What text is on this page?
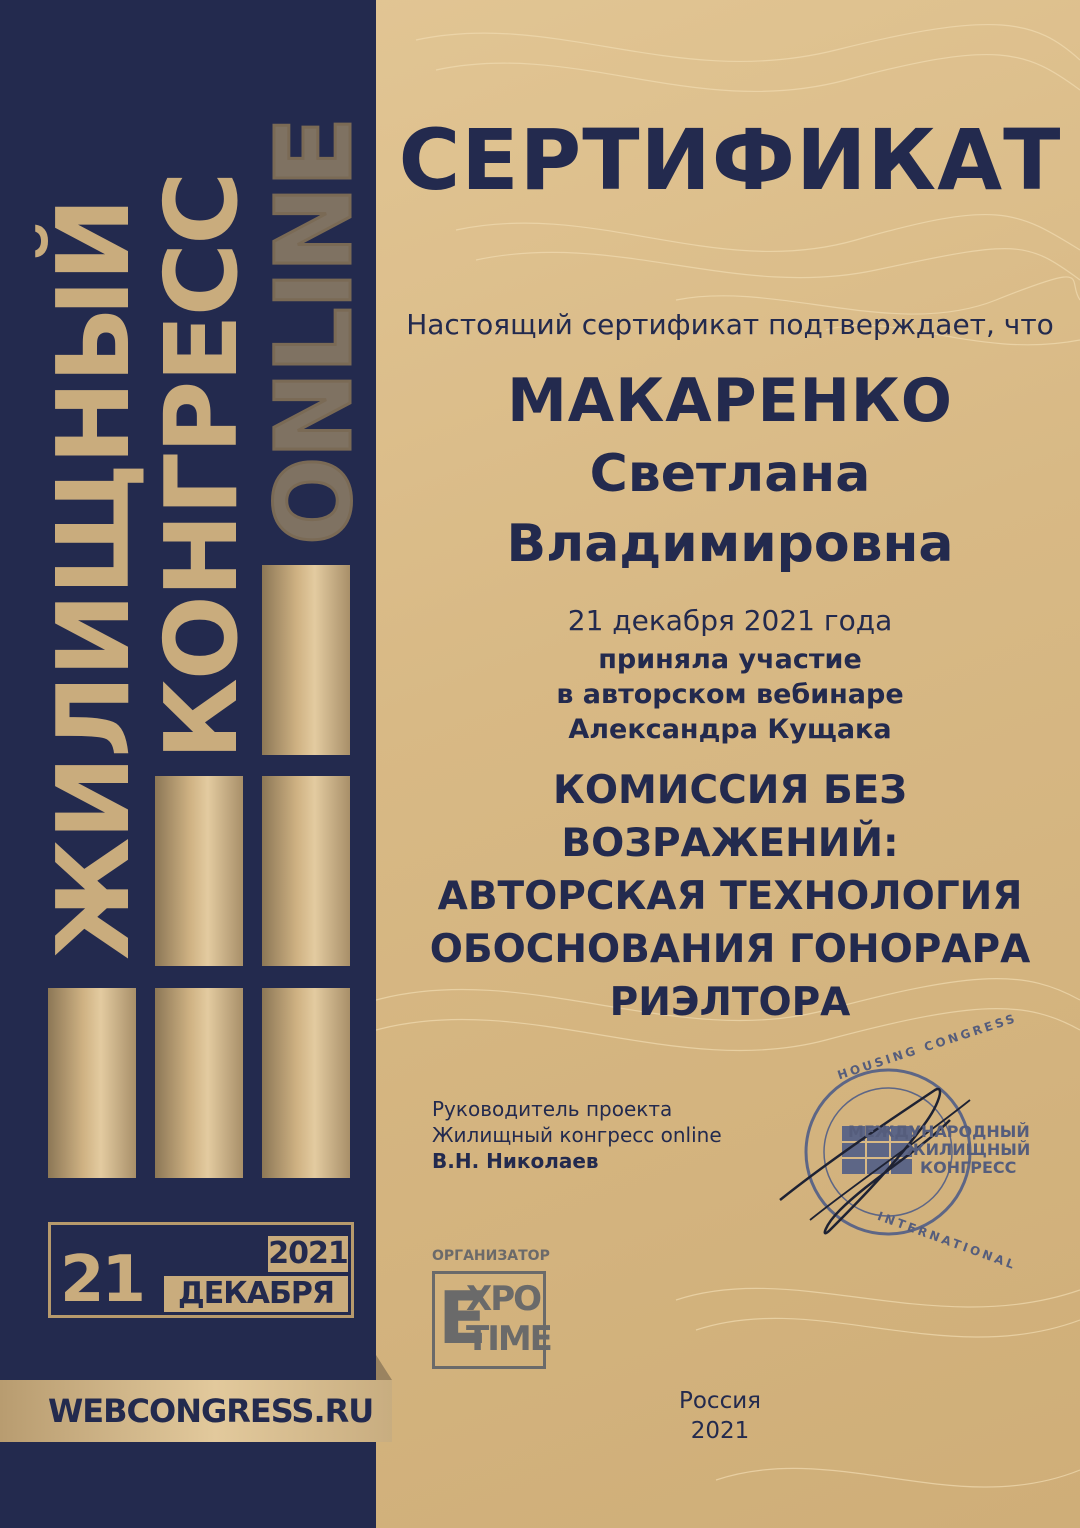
ЖИЛИЩНЫЙ
КОНГРЕСС
ONLINE
21	2021
ДЕКАБРЯ
WEBCONGRESS.RU
СЕРТИФИКАТ
Настоящий сертификат подтверждает, что
МАКАРЕНКО
Светлана
Владимировна
21 декабря 2021 года
приняла участие
в авторском вебинаре
Александра Кущака
КОМИССИЯ БЕЗ ВОЗРАЖЕНИЙ:
АВТОРСКАЯ ТЕХНОЛОГИЯ
ОБОСНОВАНИЯ ГОНОРАРА
РИЭЛТОРА
Руководитель проекта
Жилищный конгресс online
В.Н. Николаев
МЕЖДУНАРОДНЫЙ
ЖИЛИЩНЫЙ
КОНГРЕСС
HOUSING CONGRESS
INTERNATIONAL
ОРГАНИЗАТОР
E
XPO
TIME
Россия
2021
